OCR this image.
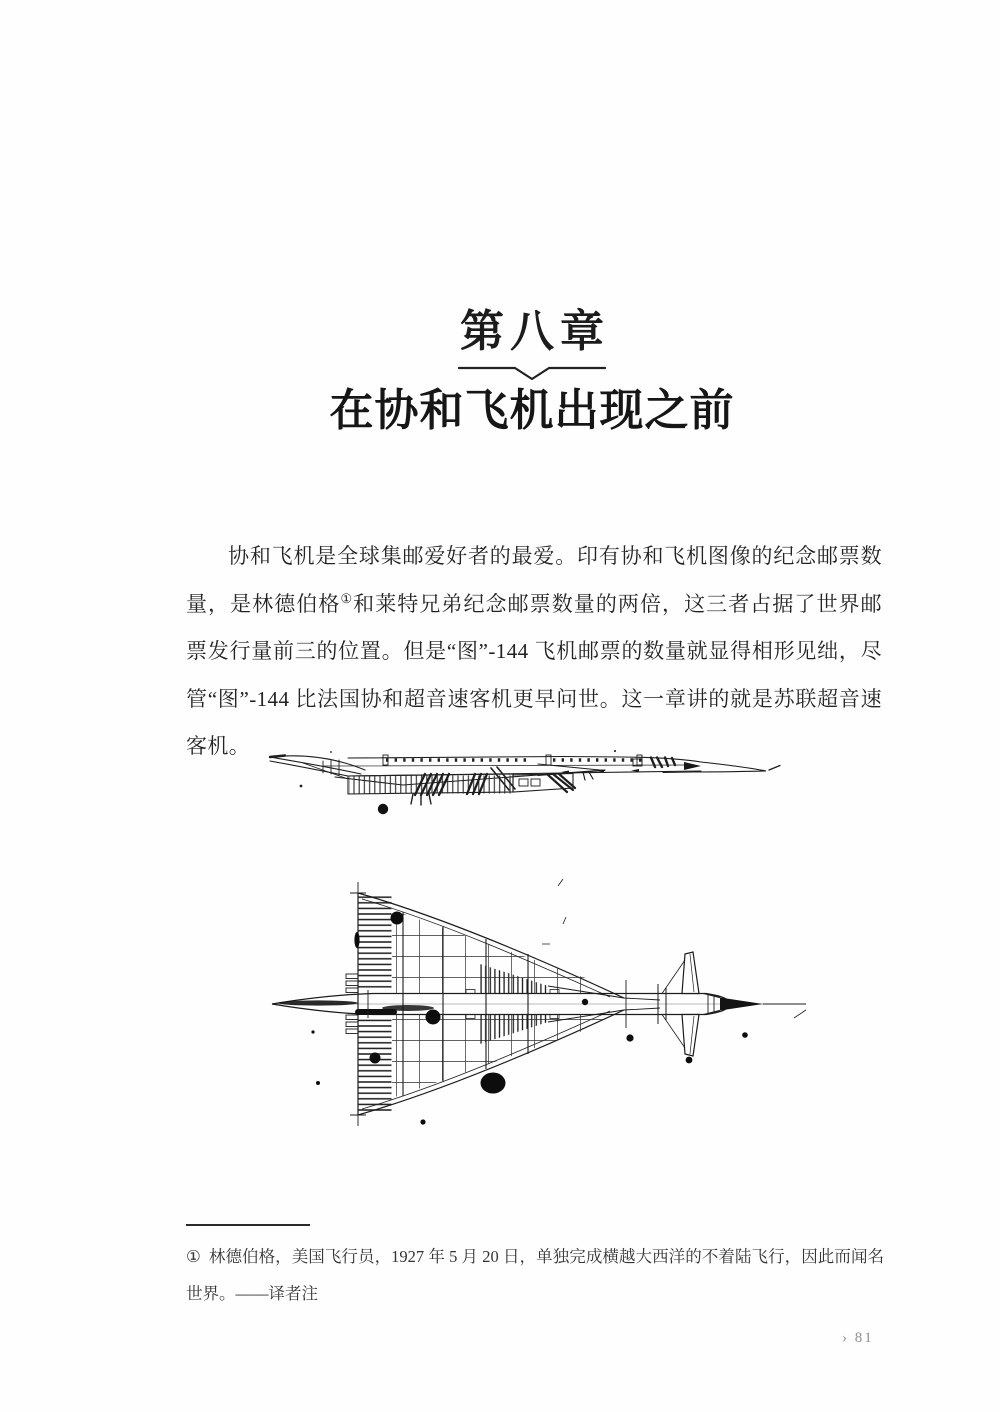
第八章
在协和飞机出现之前

协和飞机是全球集邮爱好者的最爱。印有协和飞机图像的纪念邮票数量，是林德伯格①和莱特兄弟纪念邮票数量的两倍，这三者占据了世界邮票发行量前三的位置。但是“图”-144 飞机邮票的数量就显得相形见绌，尽管“图”-144 比法国协和超音速客机更早问世。这一章讲的就是苏联超音速客机。

① 林德伯格，美国飞行员，1927 年 5 月 20 日，单独完成横越大西洋的不着陆飞行，因此而闻名世界。——译者注

› 81
